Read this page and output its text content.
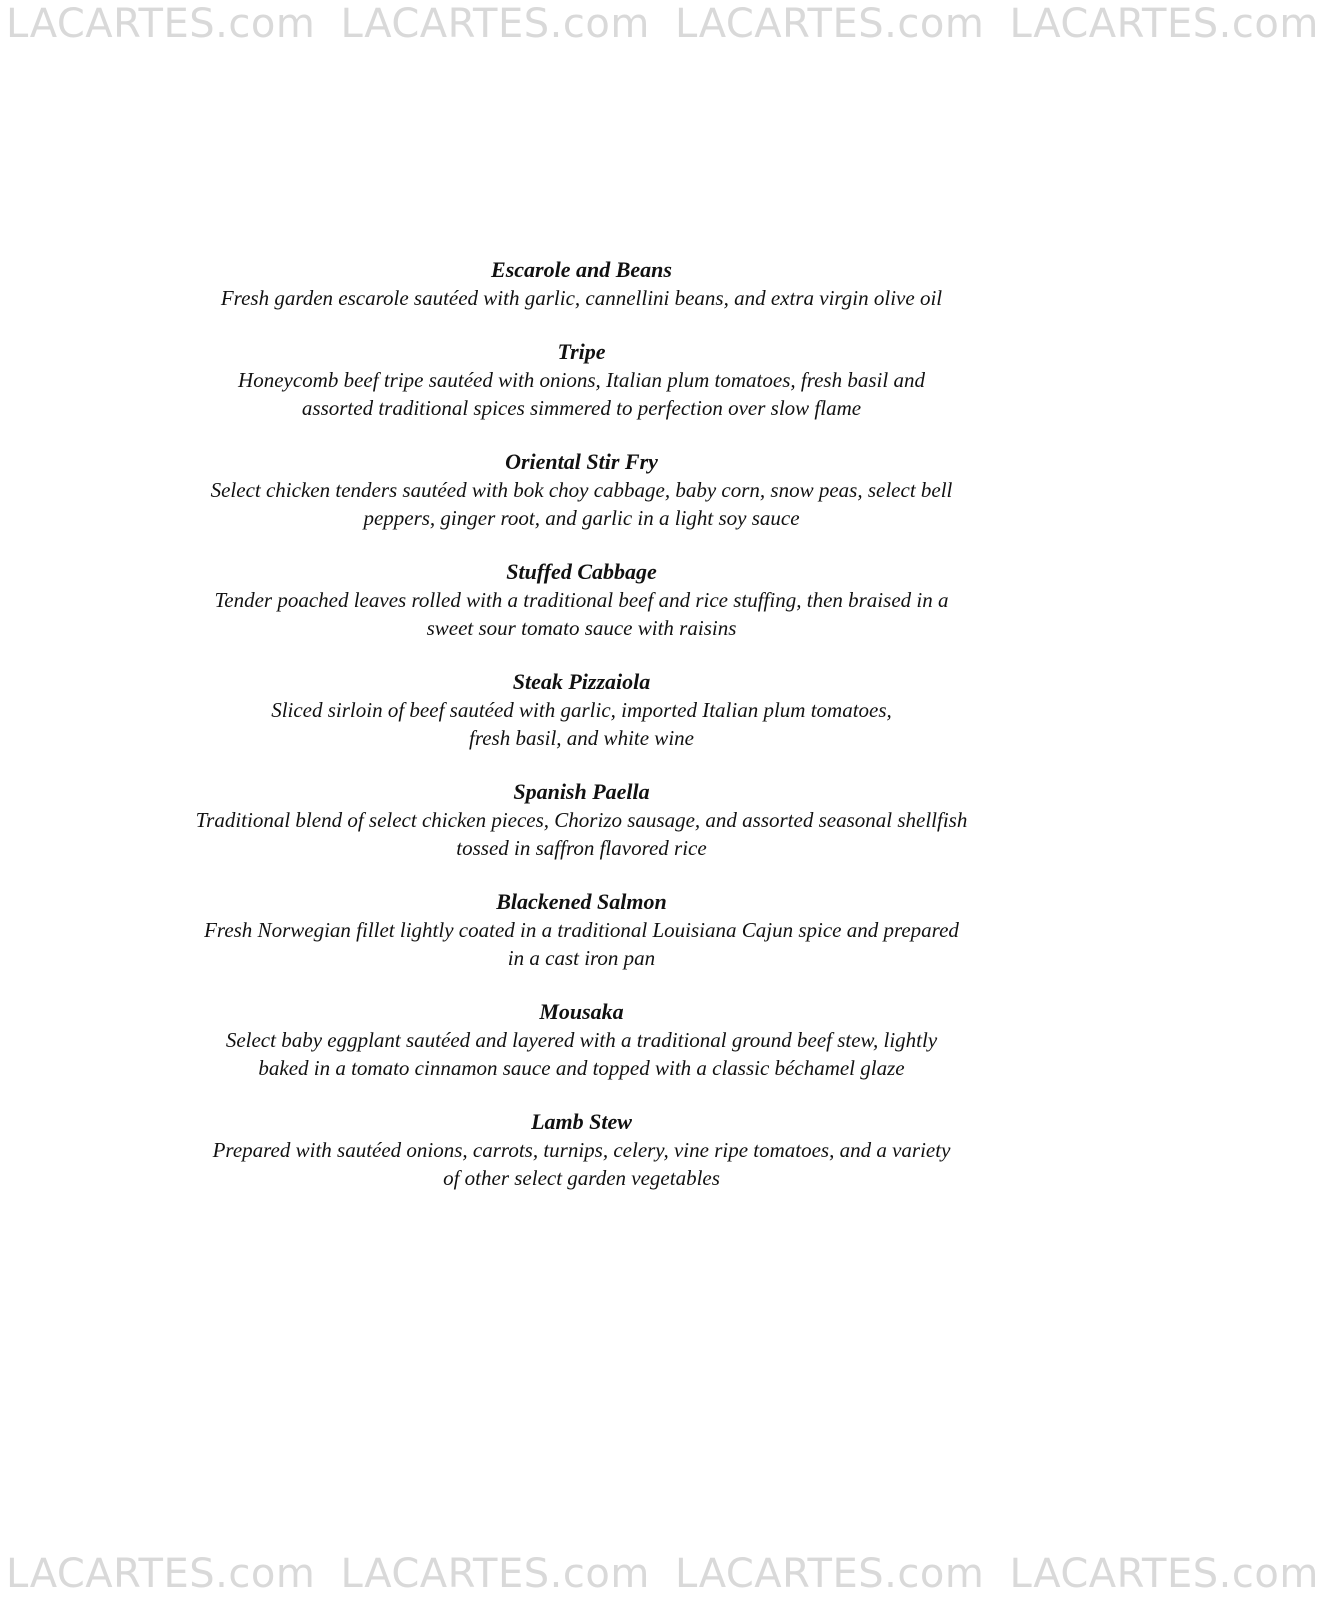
LACARTES.com LACARTES.com LACARTES.com LACARTES.com
Escarole and Beans
Fresh garden escarole sautéed with garlic, cannellini beans, and extra virgin olive oil
Tripe
Honeycomb beef tripe sautéed with onions, Italian plum tomatoes, fresh basil and
assorted traditional spices simmered to perfection over slow flame
Oriental Stir Fry
Select chicken tenders sautéed with bok choy cabbage, baby corn, snow peas, select bell
peppers, ginger root, and garlic in a light soy sauce
Stuffed Cabbage
Tender poached leaves rolled with a traditional beef and rice stuffing, then braised in a
sweet sour tomato sauce with raisins
Steak Pizzaiola
Sliced sirloin of beef sautéed with garlic, imported Italian plum tomatoes,
fresh basil, and white wine
Spanish Paella
Traditional blend of select chicken pieces, Chorizo sausage, and assorted seasonal shellfish
tossed in saffron flavored rice
Blackened Salmon
Fresh Norwegian fillet lightly coated in a traditional Louisiana Cajun spice and prepared
in a cast iron pan
Mousaka
Select baby eggplant sautéed and layered with a traditional ground beef stew, lightly
baked in a tomato cinnamon sauce and topped with a classic béchamel glaze
Lamb Stew
Prepared with sautéed onions, carrots, turnips, celery, vine ripe tomatoes, and a variety
of other select garden vegetables
LACARTES.com LACARTES.com LACARTES.com LACARTES.com
